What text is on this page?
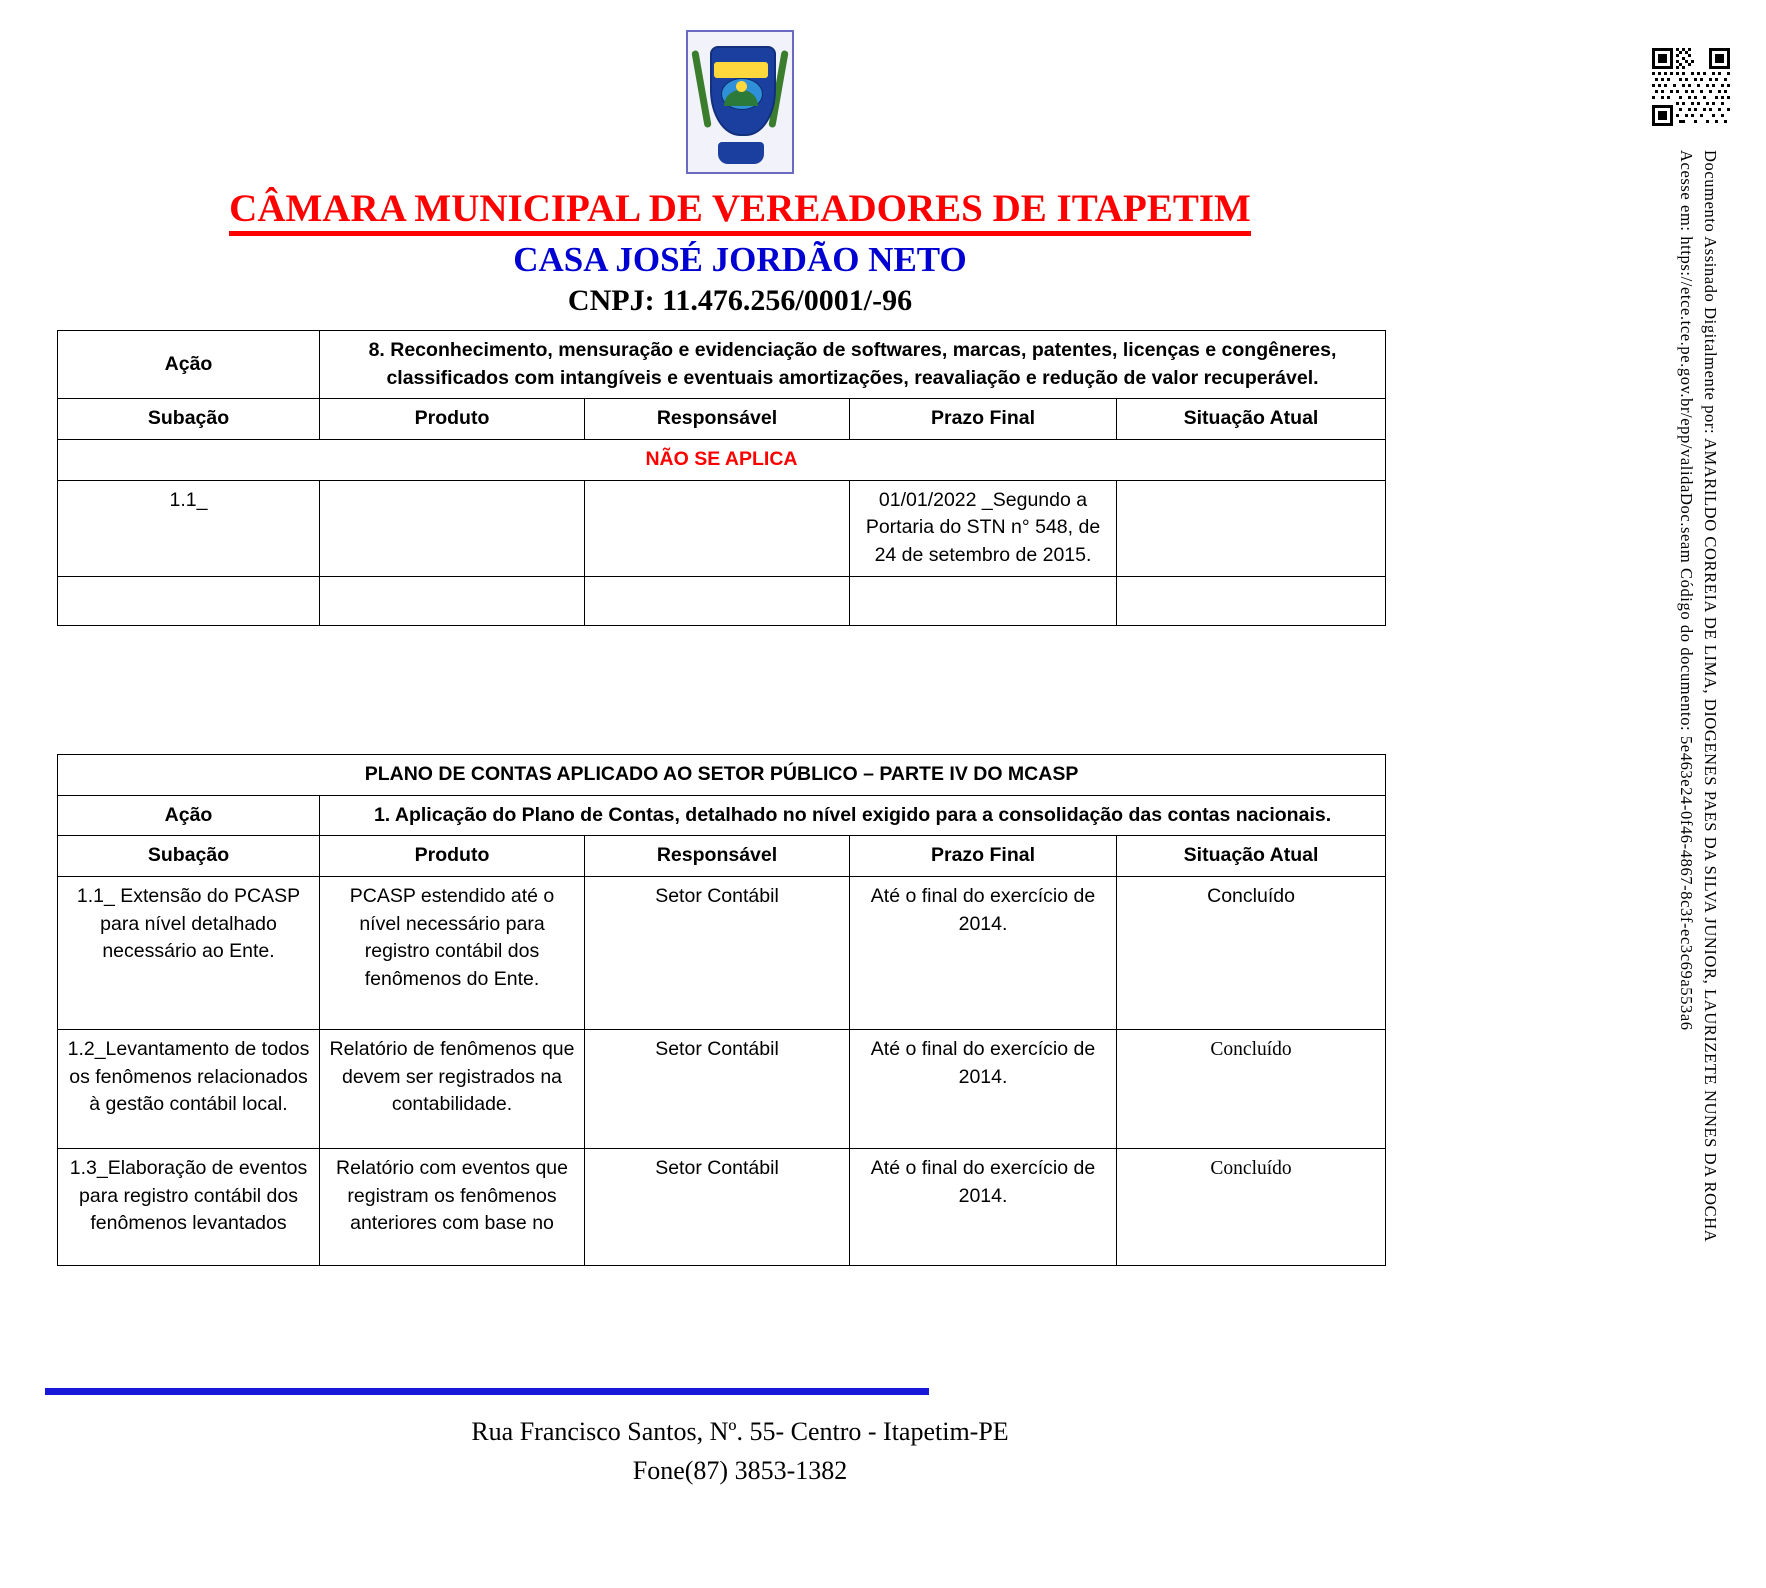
CÂMARA MUNICIPAL DE VEREADORES DE ITAPETIM
CASA JOSÉ JORDÃO NETO
CNPJ: 11.476.256/0001/-96
Ação	8. Reconhecimento, mensuração e evidenciação de softwares, marcas, patentes, licenças e congêneres, classificados com intangíveis e eventuais amortizações, reavaliação e redução de valor recuperável.			
Subação	Produto	Responsável	Prazo Final	Situação Atual
NÃO SE APLICA				
1.1_			01/01/2022 _Segundo a Portaria do STN n° 548, de 24 de setembro de 2015.	

PLANO DE CONTAS APLICADO AO SETOR PÚBLICO – PARTE IV DO MCASP				
Ação	1. Aplicação do Plano de Contas, detalhado no nível exigido para a consolidação das contas nacionais.			
Subação	Produto	Responsável	Prazo Final	Situação Atual
1.1_ Extensão do PCASP para nível detalhado necessário ao Ente.	PCASP estendido até o nível necessário para registro contábil dos fenômenos do Ente.	Setor Contábil	Até o final do exercício de 2014.	Concluído
1.2_Levantamento de todos os fenômenos relacionados à gestão contábil local.	Relatório de fenômenos que devem ser registrados na contabilidade.	Setor Contábil	Até o final do exercício de 2014.	Concluído
1.3_Elaboração de eventos para registro contábil dos fenômenos levantados	Relatório com eventos que registram os fenômenos anteriores com base no	Setor Contábil	Até o final do exercício de 2014.	Concluído
Rua Francisco Santos, Nº. 55- Centro - Itapetim-PE
Fone(87) 3853-1382
Documento Assinado Digitalmente por: AMARILDO CORREIA DE LIMA, DIOGENES PAES DA SILVA JUNIOR, LAURIZETE NUNES DA ROCHA
Acesse em: https://etce.tce.pe.gov.br/epp/validaDoc.seam Código do documento: 5e463e24-0f46-4867-8c3f-ec3c69a553a6
